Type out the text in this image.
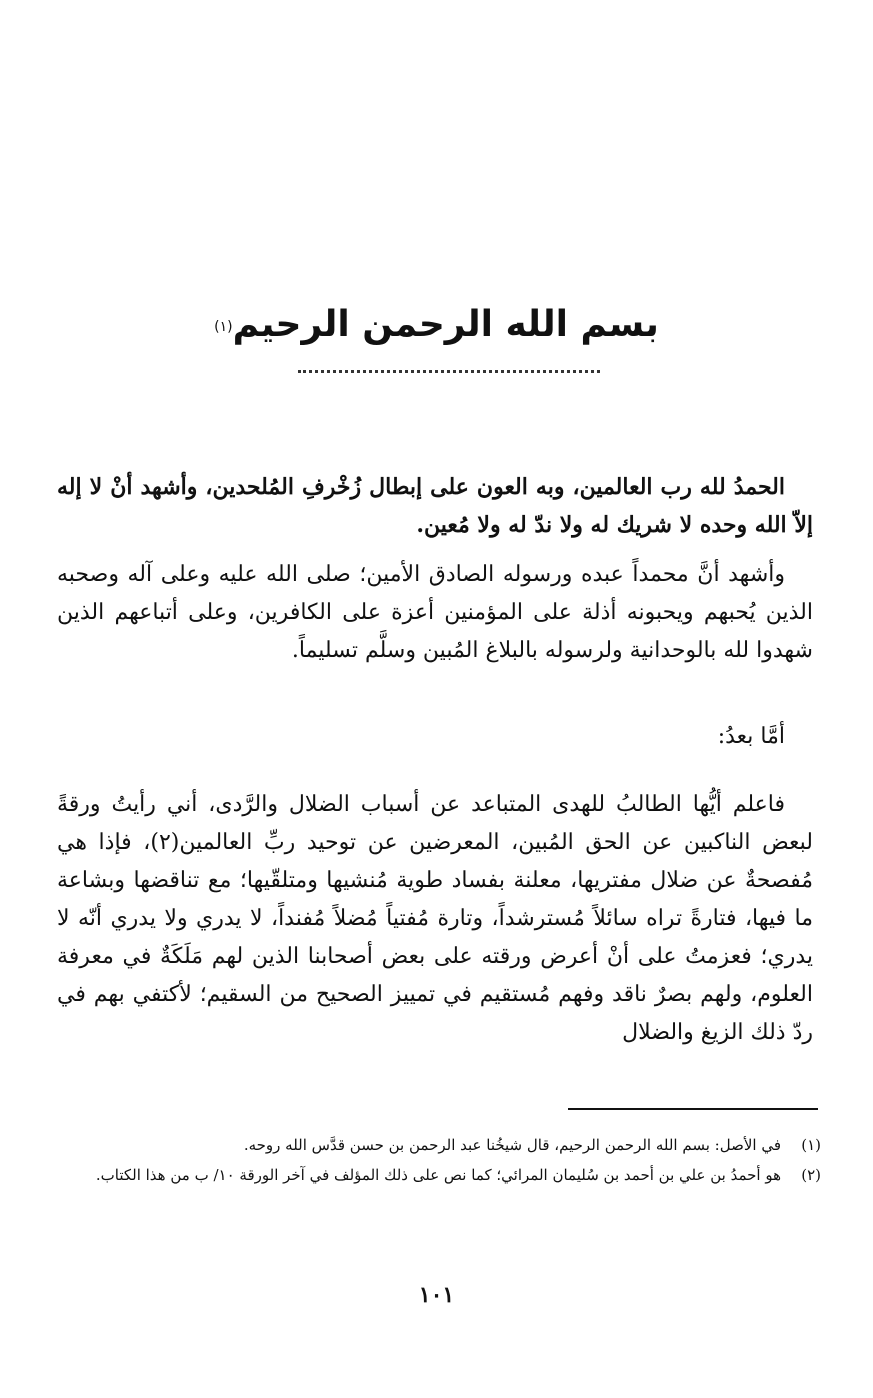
بسم الله الرحمن الرحيم$^{(١)}$

الحمدُ لله رب العالمين، وبه العون على إبطال زُخْرفِ المُلحدين، وأشهد أنْ لا إله إلاّ الله وحده لا شريك له ولا ندّ له ولا مُعين.

وأشهد أنَّ محمداً عبده ورسوله الصادق الأمين؛ صلى الله عليه وعلى آله وصحبه الذين يُحبهم ويحبونه أذلة على المؤمنين أعزة على الكافرين، وعلى أتباعهم الذين شهدوا لله بالوحدانية ولرسوله بالبلاغ المُبين وسلَّم تسليماً.

أمَّا بعدُ:

فاعلم أيُّها الطالبُ للهدى المتباعد عن أسباب الضلال والرَّدى، أني رأيتُ ورقةً لبعض الناكبين عن الحق المُبين، المعرضين عن توحيد ربِّ العالمين(٢)، فإذا هي مُفصحةٌ عن ضلال مفتريها، معلنة بفساد طوية مُنشيها ومتلقّيها؛ مع تناقضها وبشاعة ما فيها، فتارةً تراه سائلاً مُسترشداً، وتارة مُفتياً مُضلاً مُفنداً، لا يدري ولا يدري أنّه لا يدري؛ فعزمتُ على أنْ أعرض ورقته على بعض أصحابنا الذين لهم مَلَكَةٌ في معرفة العلوم، ولهم بصرٌ ناقد وفهم مُستقيم في تمييز الصحيح من السقيم؛ لأكتفي بهم في ردّ ذلك الزيغ والضلال

(١)
في الأصل: بسم الله الرحمن الرحيم، قال شيخُنا عبد الرحمن بن حسن قدَّس الله روحه.
(٢)
هو أحمدُ بن علي بن أحمد بن سُليمان المرائي؛ كما نص على ذلك المؤلف في آخر الورقة ١٠/ ب من هذا الكتاب.
١٠١
